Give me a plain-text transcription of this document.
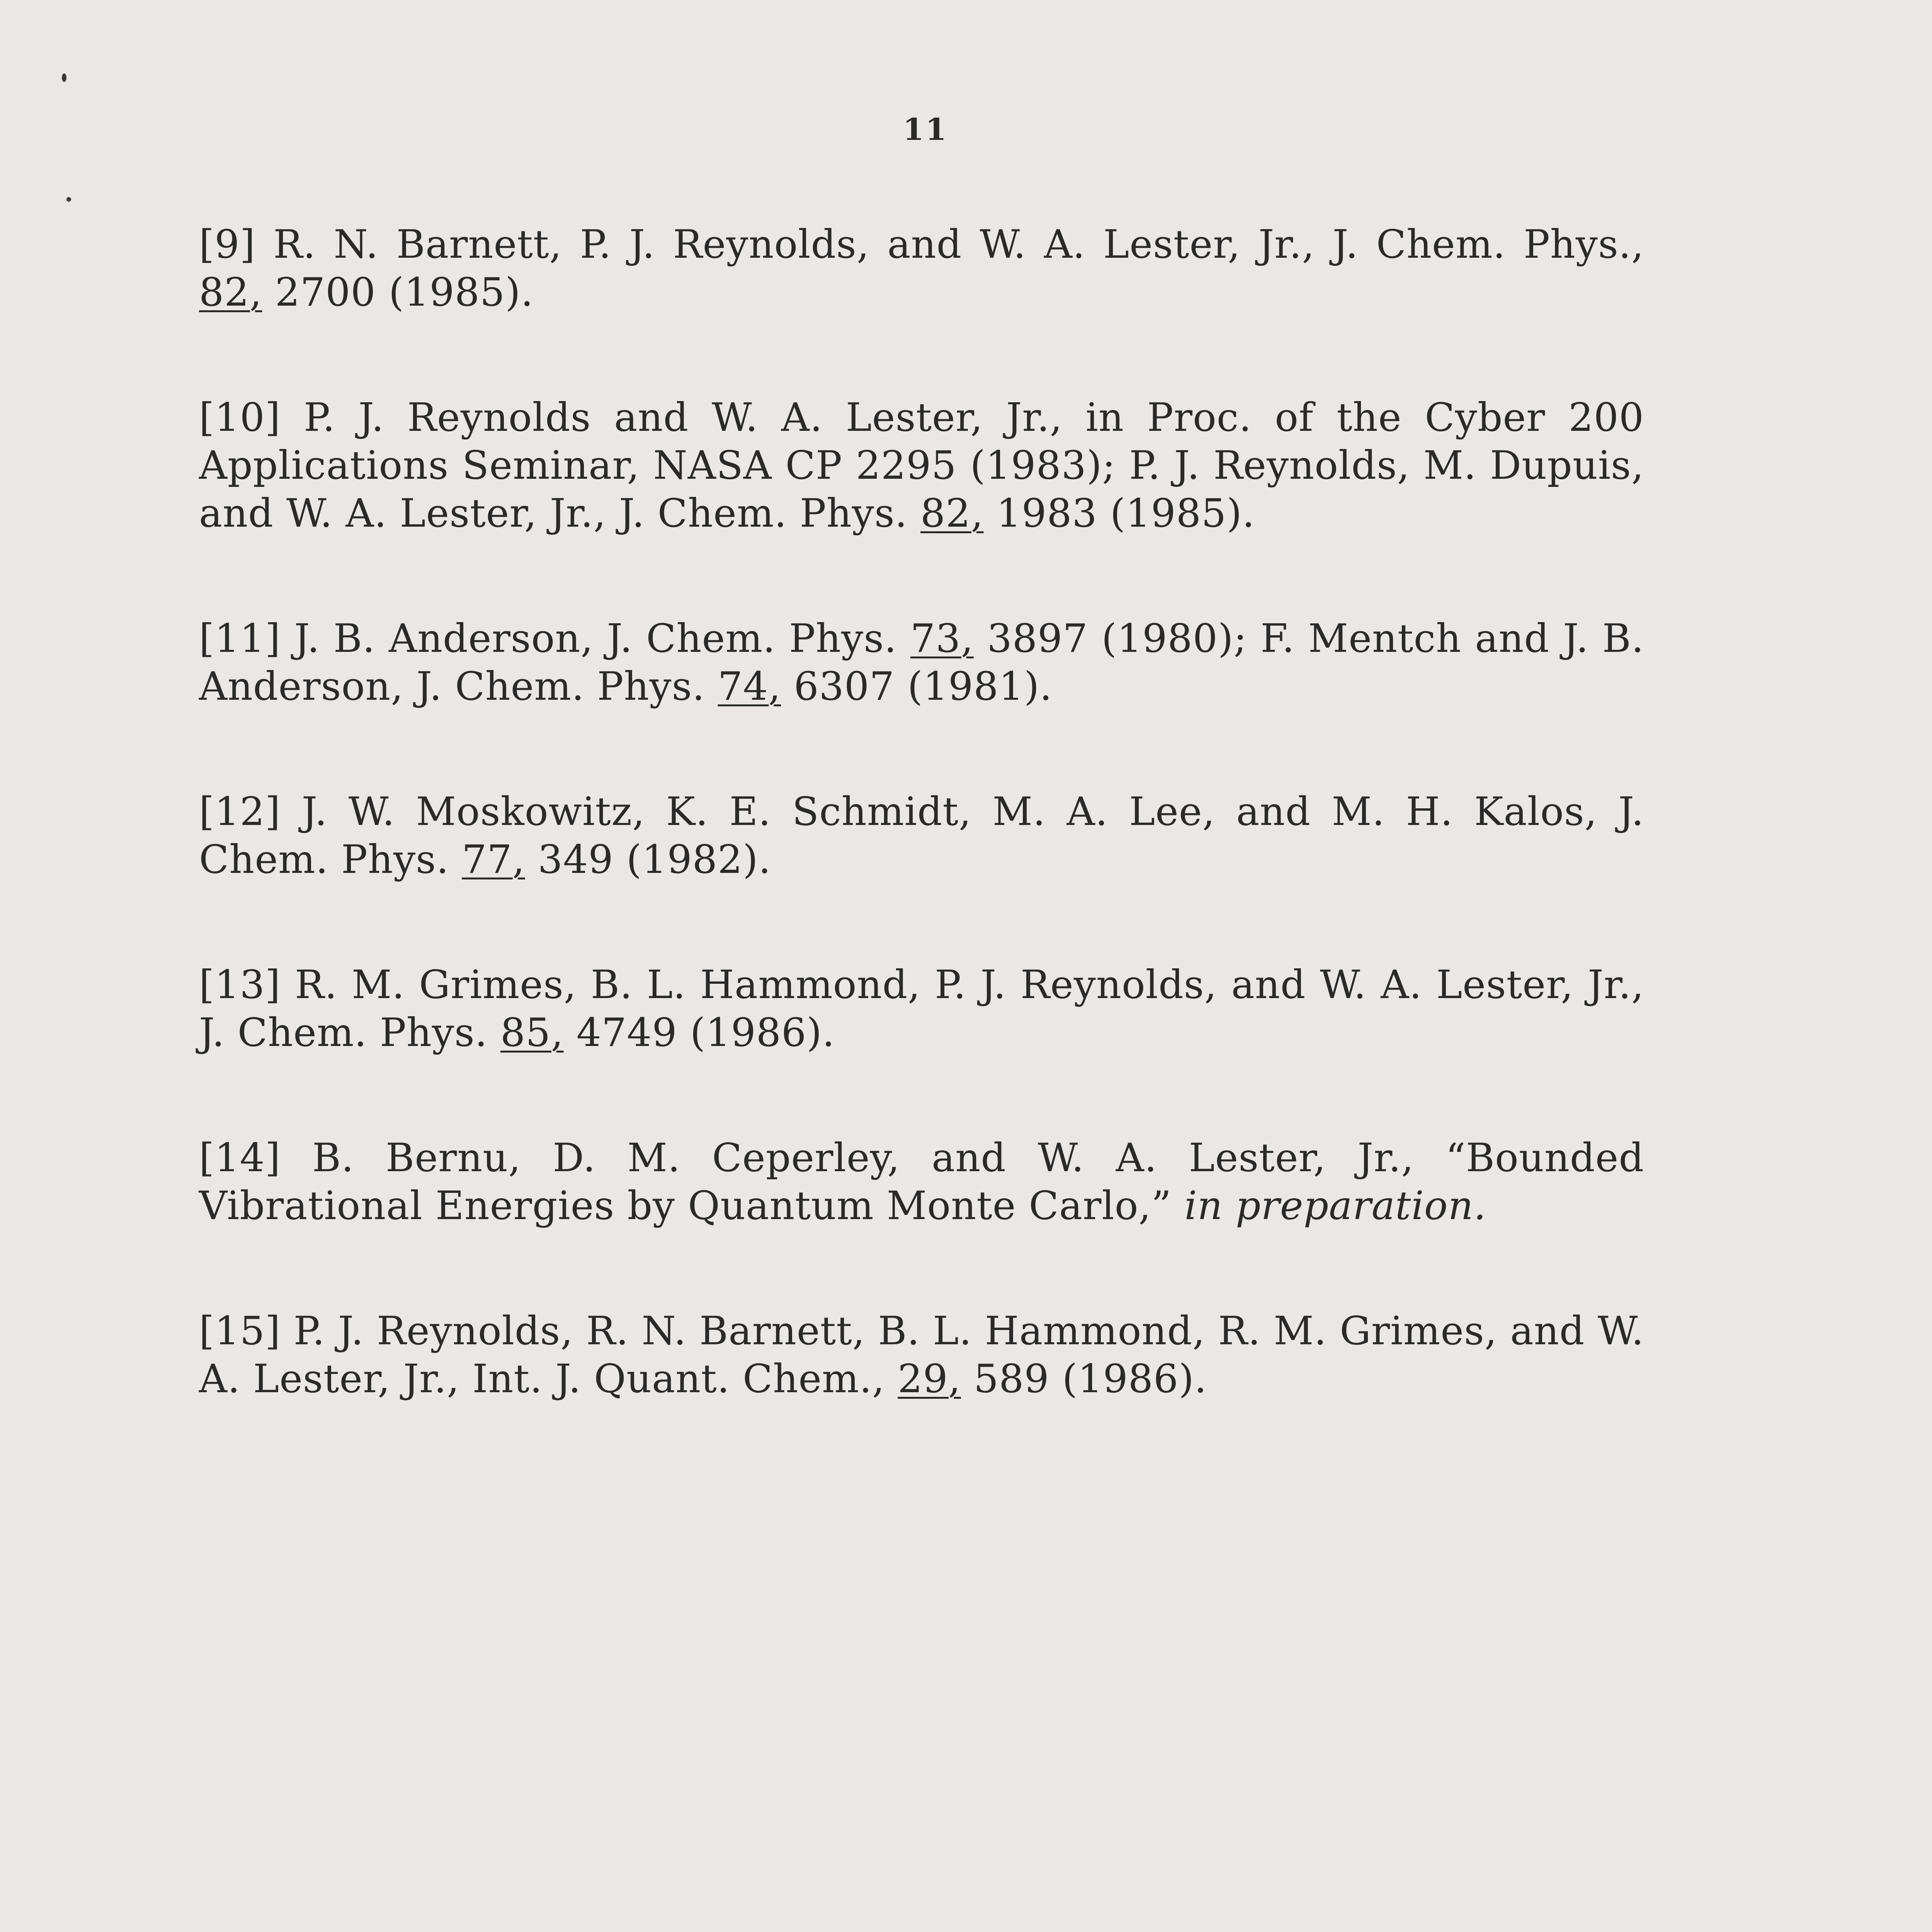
11

[9] R. N. Barnett, P. J. Reynolds, and W. A. Lester, Jr., J. Chem. Phys., 82, 2700 (1985).

[10] P. J. Reynolds and W. A. Lester, Jr., in Proc. of the Cyber 200 Applications Seminar, NASA CP 2295 (1983); P. J. Reynolds, M. Dupuis, and W. A. Lester, Jr., J. Chem. Phys. 82, 1983 (1985).

[11] J. B. Anderson, J. Chem. Phys. 73, 3897 (1980); F. Mentch and J. B. Anderson, J. Chem. Phys. 74, 6307 (1981).

[12] J. W. Moskowitz, K. E. Schmidt, M. A. Lee, and M. H. Kalos, J. Chem. Phys. 77, 349 (1982).

[13] R. M. Grimes, B. L. Hammond, P. J. Reynolds, and W. A. Lester, Jr., J. Chem. Phys. 85, 4749 (1986).

[14] B. Bernu, D. M. Ceperley, and W. A. Lester, Jr., “Bounded Vibrational Energies by Quantum Monte Carlo,” in preparation.

[15] P. J. Reynolds, R. N. Barnett, B. L. Hammond, R. M. Grimes, and W. A. Lester, Jr., Int. J. Quant. Chem., 29, 589 (1986).
